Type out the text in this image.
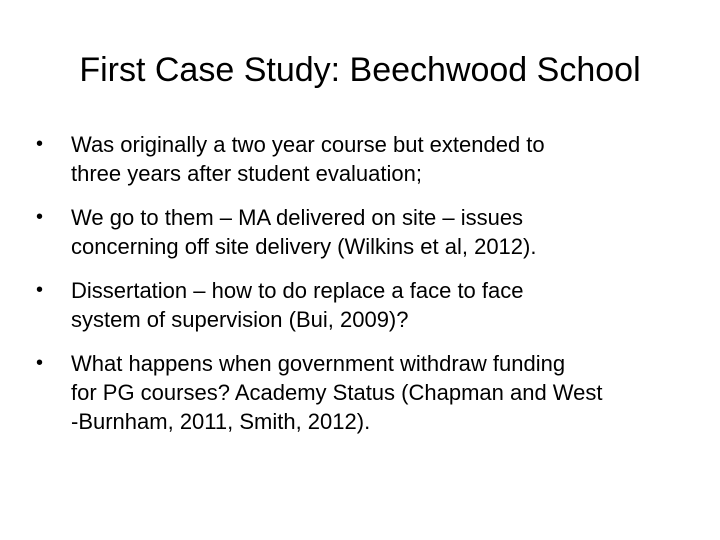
First Case Study: Beechwood School
•	Was originally a two year course but extended to
three years after student evaluation;
•	We go to them – MA delivered on site – issues
concerning off site delivery (Wilkins et al, 2012).
•	Dissertation – how to do replace a face to face
system of supervision (Bui, 2009)?
•	What happens when government withdraw funding
for PG courses? Academy Status (Chapman and West
-Burnham, 2011, Smith, 2012).
